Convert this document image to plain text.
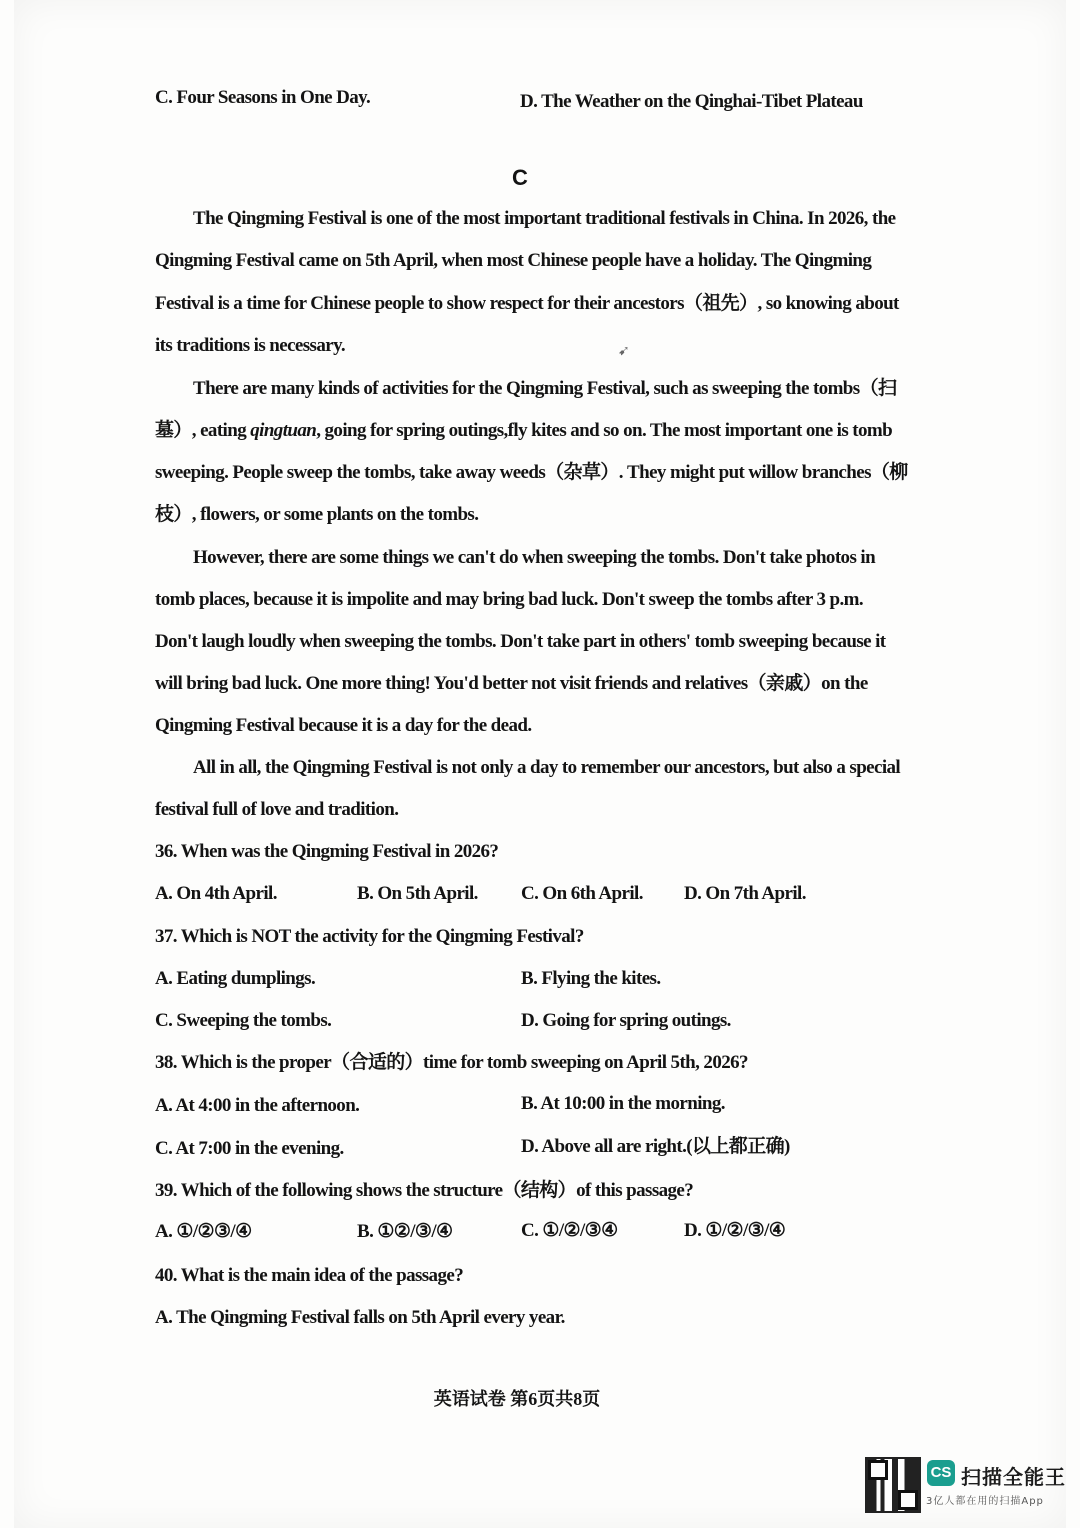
C. Four Seasons in One Day.	D. The Weather on the Qinghai-Tibet Plateau
C
The Qingming Festival is one of the most important traditional festivals in China. In 2026, the
Qingming Festival came on 5th April, when most Chinese people have a holiday. The Qingming
Festival is a time for Chinese people to show respect for their ancestors（祖先）, so knowing about
its traditions is necessary.	➹
There are many kinds of activities for the Qingming Festival, such as sweeping the tombs（扫
墓）, eating qingtuan, going for spring outings,fly kites and so on. The most important one is tomb
sweeping. People sweep the tombs, take away weeds（杂草）. They might put willow branches（柳
枝）, flowers, or some plants on the tombs.
However, there are some things we can't do when sweeping the tombs. Don't take photos in
tomb places, because it is impolite and may bring bad luck. Don't sweep the tombs after 3 p.m.
Don't laugh loudly when sweeping the tombs. Don't take part in others' tomb sweeping because it
will bring bad luck. One more thing! You'd better not visit friends and relatives（亲戚）on the
Qingming Festival because it is a day for the dead.
All in all, the Qingming Festival is not only a day to remember our ancestors, but also a special
festival full of love and tradition.
36. When was the Qingming Festival in 2026?
A. On 4th April.	B. On 5th April. C. On 6th April. D. On 7th April.
37. Which is NOT the activity for the Qingming Festival?
A. Eating dumplings.	B. Flying the kites.
C. Sweeping the tombs.	D. Going for spring outings.
38. Which is the proper（合适的）time for tomb sweeping on April 5th, 2026?
A. At 4:00 in the afternoon.	B. At 10:00 in the morning.
C. At 7:00 in the evening.	D. Above all are right.(以上都正确)
39. Which of the following shows the structure（结构）of this passage?
A. ①/②③/④	B. ①②/③/④	C. ①/②/③④	D. ①/②/③/④
40. What is the main idea of the passage?
A. The Qingming Festival falls on 5th April every year.
英语试卷 第6页共8页
CS 扫描全能王
3亿人都在用的扫描App
